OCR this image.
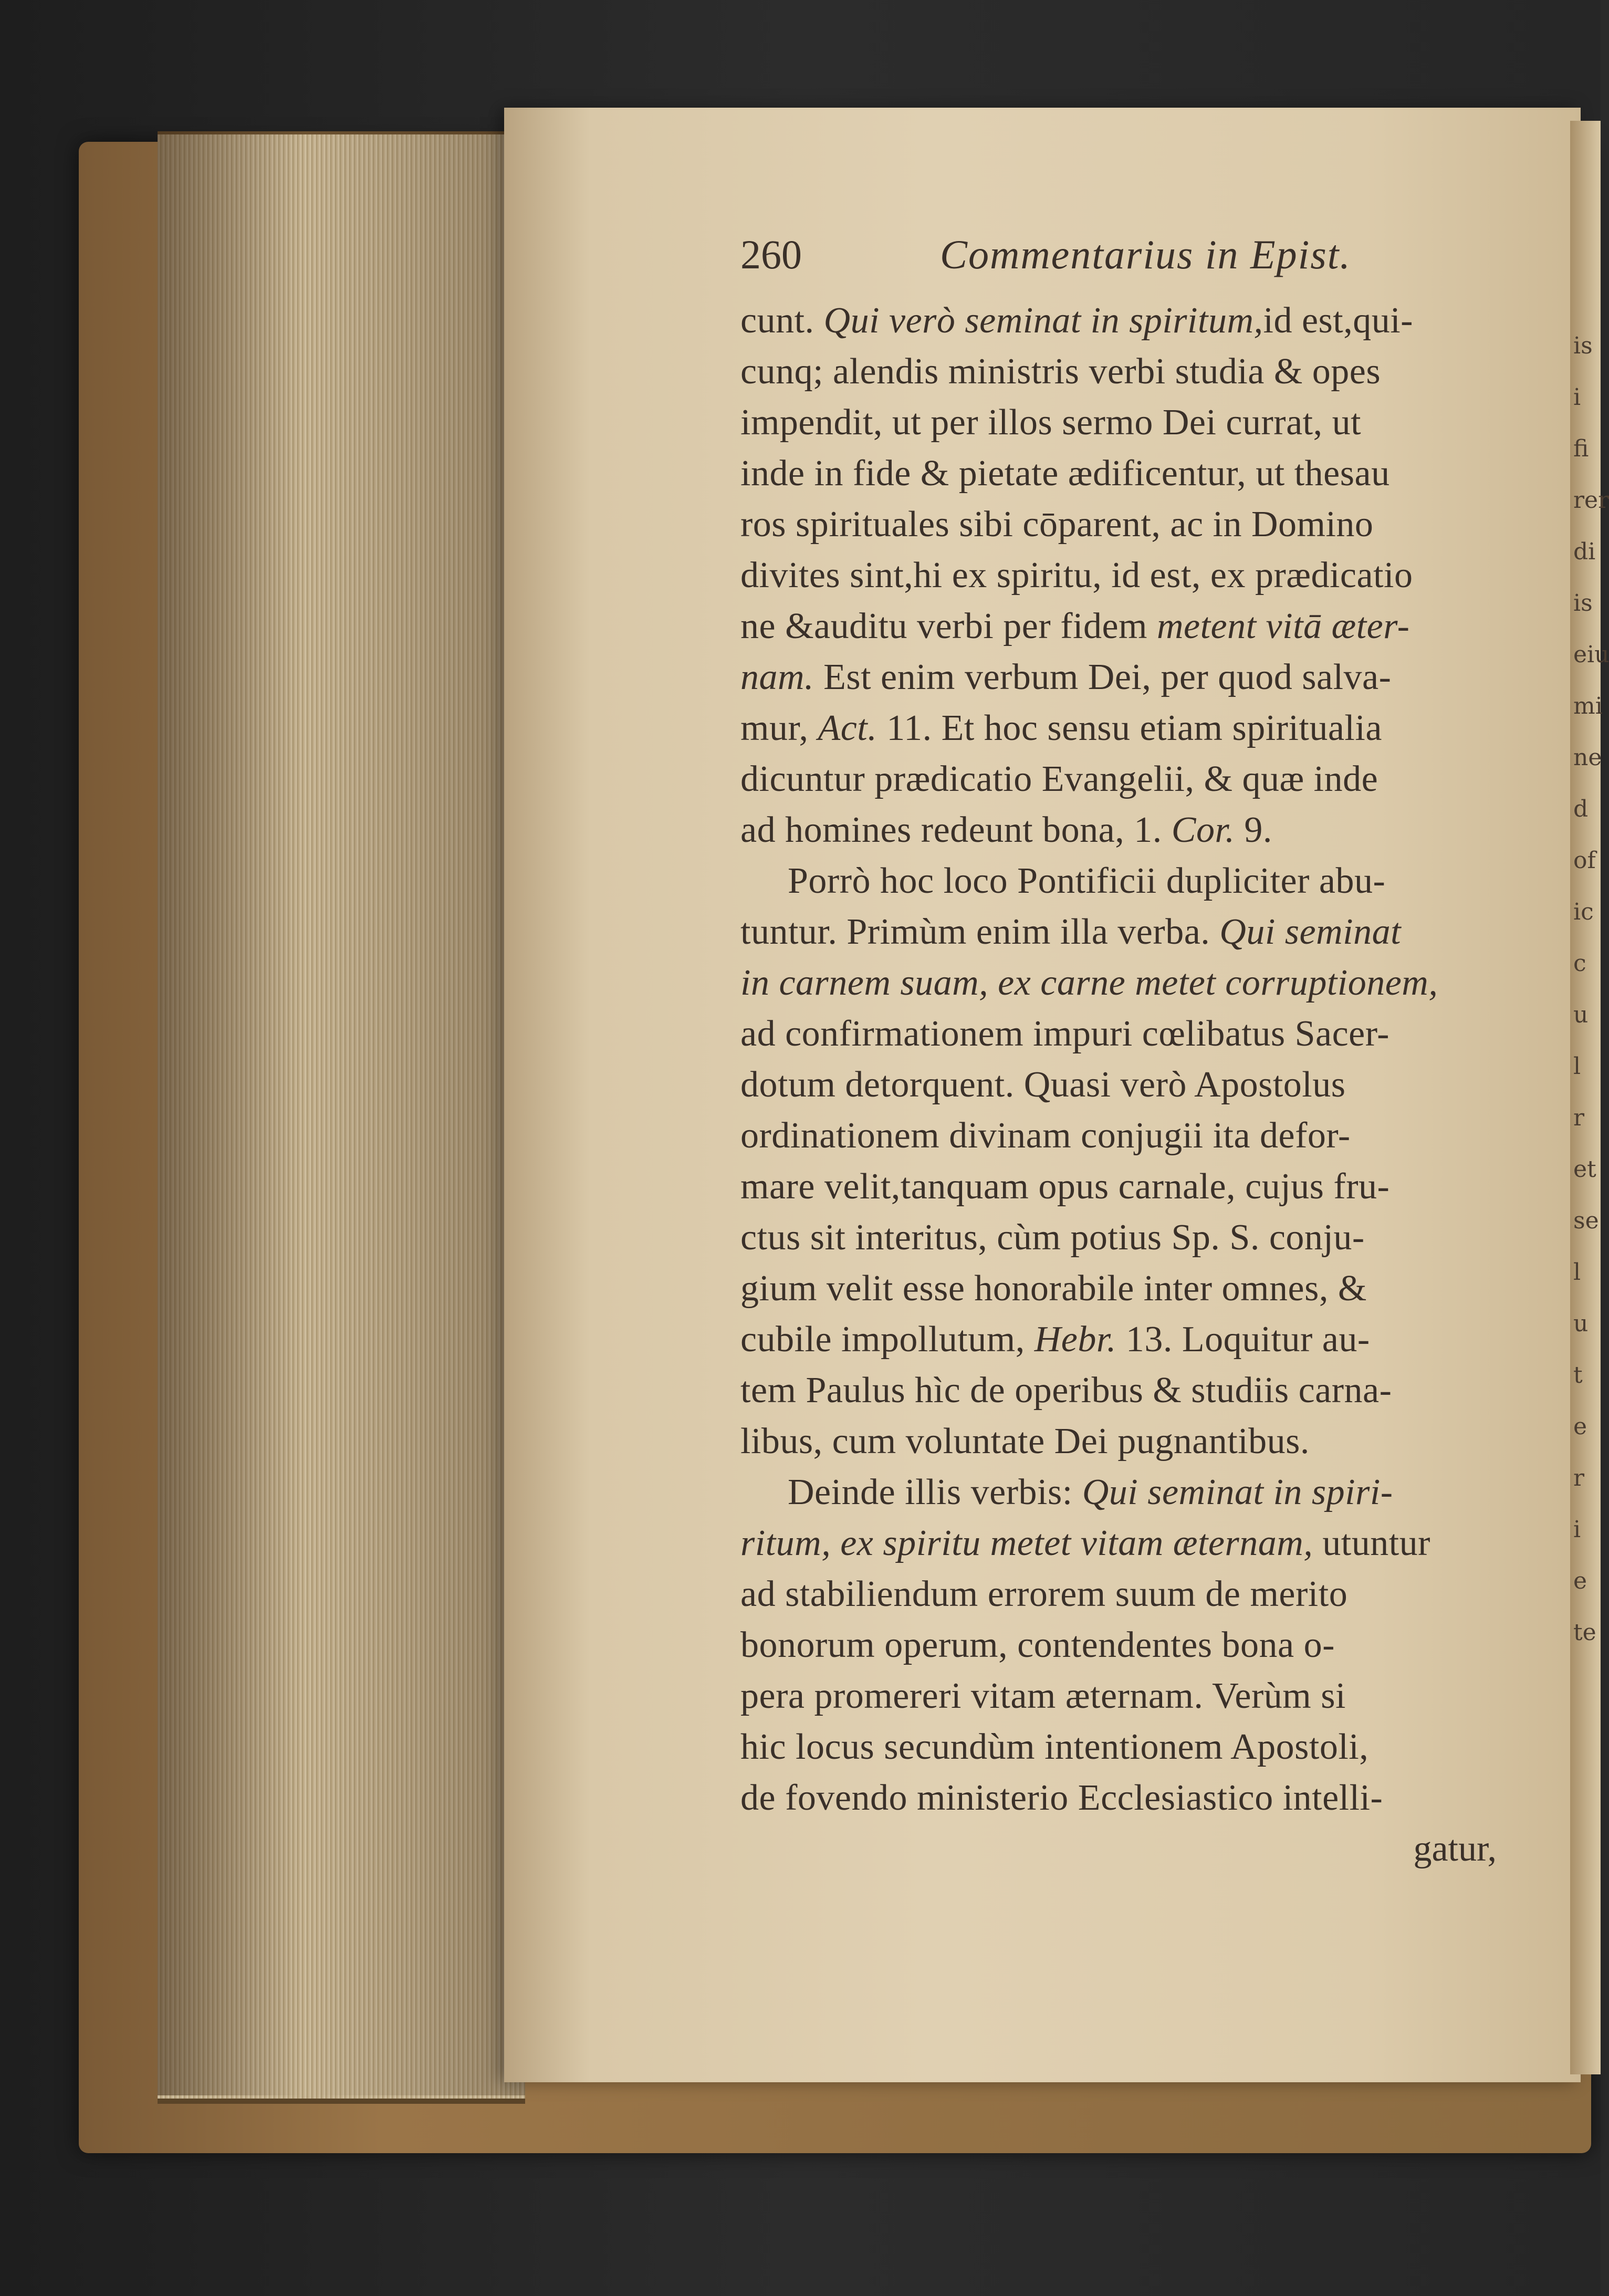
is
i
fi
rer
di
is
eiu
mi
ne
d
of
ic
c
u
l
r
et
se
l
u
t
e
r
i
e
te
260	Commentarius in Epist.
cunt. Qui verò seminat in spiritum,id est,qui-
cunq; alendis ministris verbi studia & opes
impendit, ut per illos sermo Dei currat, ut
inde in fide & pietate ædificentur, ut thesau
ros spirituales sibi cōparent, ac in Domino
divites sint,hi ex spiritu, id est, ex prædicatio
ne &auditu verbi per fidem metent vitā æter-
nam. Est enim verbum Dei, per quod salva-
mur, Act. 11. Et hoc sensu etiam spiritualia
dicuntur prædicatio Evangelii, & quæ inde
ad homines redeunt bona, 1. Cor. 9.
Porrò hoc loco Pontificii dupliciter abu-
tuntur. Primùm enim illa verba. Qui seminat
in carnem suam, ex carne metet corruptionem,
ad confirmationem impuri cœlibatus Sacer-
dotum detorquent. Quasi verò Apostolus
ordinationem divinam conjugii ita defor-
mare velit,tanquam opus carnale, cujus fru-
ctus sit interitus, cùm potius Sp. S. conju-
gium velit esse honorabile inter omnes, &
cubile impollutum, Hebr. 13. Loquitur au-
tem Paulus hìc de operibus & studiis carna-
libus, cum voluntate Dei pugnantibus.
Deinde illis verbis: Qui seminat in spiri-
ritum, ex spiritu metet vitam æternam, utuntur
ad stabiliendum errorem suum de merito
bonorum operum, contendentes bona o-
pera promereri vitam æternam. Verùm si
hic locus secundùm intentionem Apostoli,
de fovendo ministerio Ecclesiastico intelli-
gatur,
